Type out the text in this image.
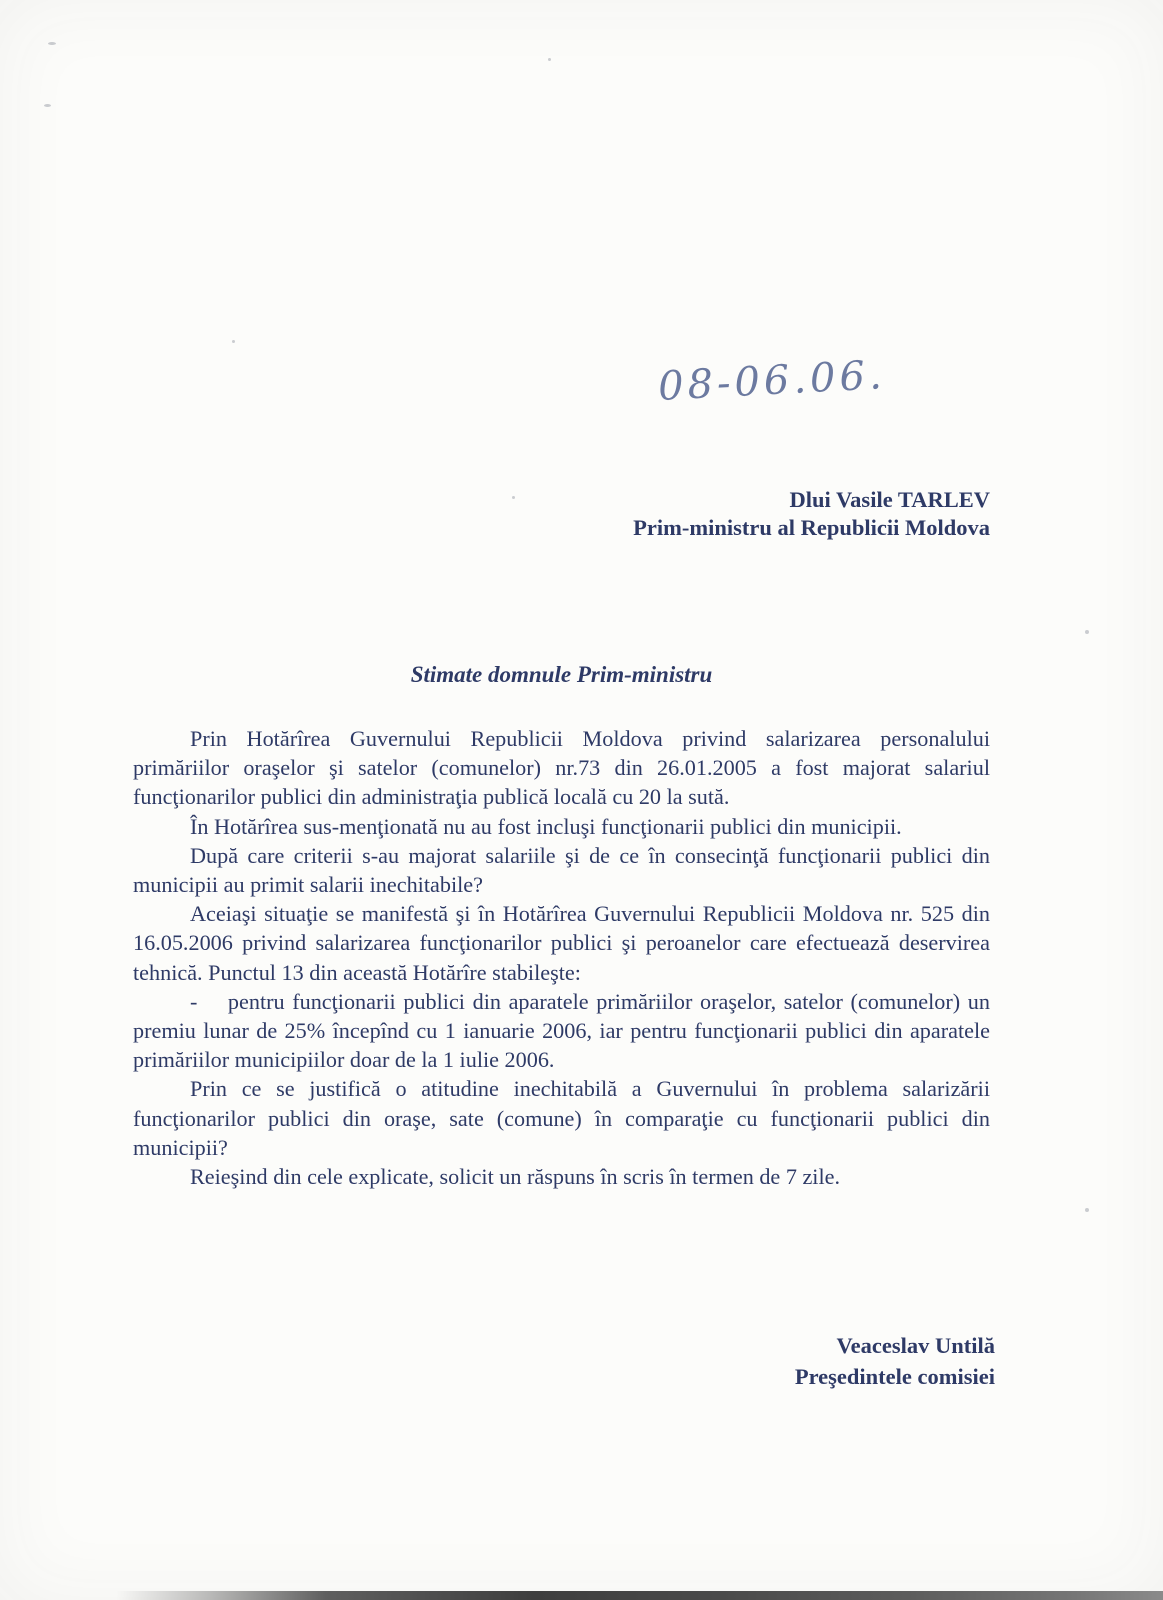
08-06.06.
Dlui Vasile TARLEV
Prim-ministru al Republicii Moldova
Stimate domnule Prim-ministru

Prin Hotărîrea Guvernului Republicii Moldova privind salarizarea personalului primăriilor oraşelor şi satelor (comunelor) nr.73 din 26.01.2005 a fost majorat salariul funcţionarilor publici din administraţia publică locală cu 20 la sută.

În Hotărîrea sus-menţionată nu au fost incluşi funcţionarii publici din municipii.

După care criterii s-au majorat salariile şi de ce în consecinţă funcţionarii publici din municipii au primit salarii inechitabile?

Aceiaşi situaţie se manifestă şi în Hotărîrea Guvernului Republicii Moldova nr. 525 din 16.05.2006 privind salarizarea funcţionarilor publici şi peroanelor care efectuează deservirea tehnică. Punctul 13 din această Hotărîre stabileşte:

-    pentru funcţionarii publici din aparatele primăriilor oraşelor, satelor (comunelor) un premiu lunar de 25% începînd cu 1 ianuarie 2006, iar pentru funcţionarii publici din aparatele primăriilor municipiilor doar de la 1 iulie 2006.

Prin ce se justifică o atitudine inechitabilă a Guvernului în problema salarizării funcţionarilor publici din oraşe, sate (comune) în comparaţie cu funcţionarii publici din municipii?

Reieşind din cele explicate, solicit un răspuns în scris în termen de 7 zile.

Veaceslav Untilă
Preşedintele comisiei
